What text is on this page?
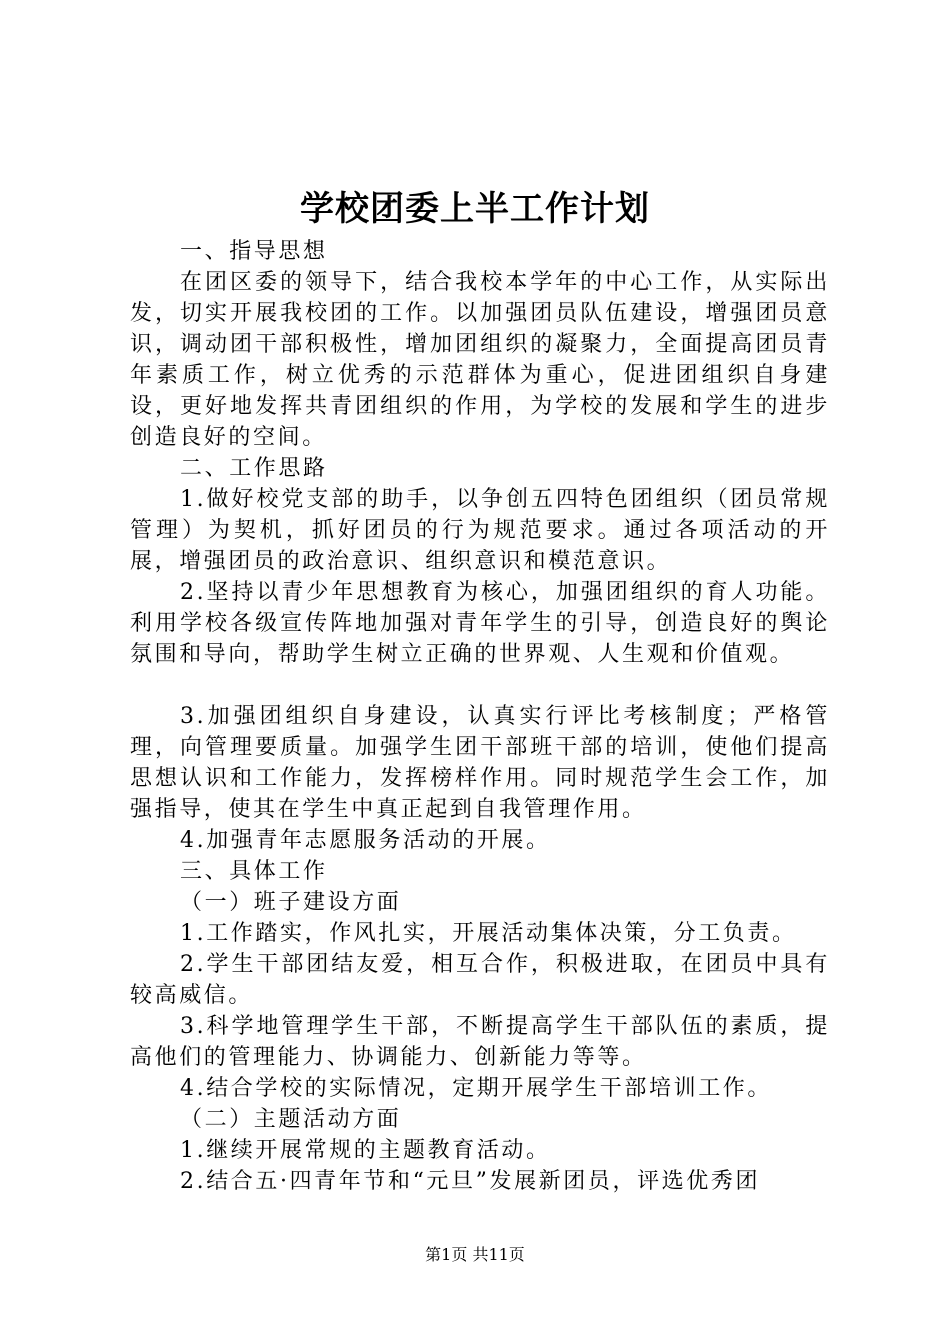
学校团委上半工作计划

一、指导思想

在团区委的领导下，结合我校本学年的中心工作，从实际出发，切实开展我校团的工作。以加强团员队伍建设，增强团员意识，调动团干部积极性，增加团组织的凝聚力，全面提高团员青年素质工作，树立优秀的示范群体为重心，促进团组织自身建设，更好地发挥共青团组织的作用，为学校的发展和学生的进步创造良好的空间。

二、工作思路

1.做好校党支部的助手，以争创五四特色团组织（团员常规管理）为契机，抓好团员的行为规范要求。通过各项活动的开展，增强团员的政治意识、组织意识和模范意识。

2.坚持以青少年思想教育为核心，加强团组织的育人功能。利用学校各级宣传阵地加强对青年学生的引导，创造良好的舆论氛围和导向，帮助学生树立正确的世界观、人生观和价值观。

3.加强团组织自身建设，认真实行评比考核制度；严格管理，向管理要质量。加强学生团干部班干部的培训，使他们提高思想认识和工作能力，发挥榜样作用。同时规范学生会工作，加强指导，使其在学生中真正起到自我管理作用。

4.加强青年志愿服务活动的开展。

三、具体工作

（一）班子建设方面

1.工作踏实，作风扎实，开展活动集体决策，分工负责。

2.学生干部团结友爱，相互合作，积极进取，在团员中具有较高威信。

3.科学地管理学生干部，不断提高学生干部队伍的素质，提高他们的管理能力、协调能力、创新能力等等。

4.结合学校的实际情况，定期开展学生干部培训工作。

（二）主题活动方面

1.继续开展常规的主题教育活动。

2.结合五·四青年节和“元旦”发展新团员，评选优秀团

第1页 共11页
